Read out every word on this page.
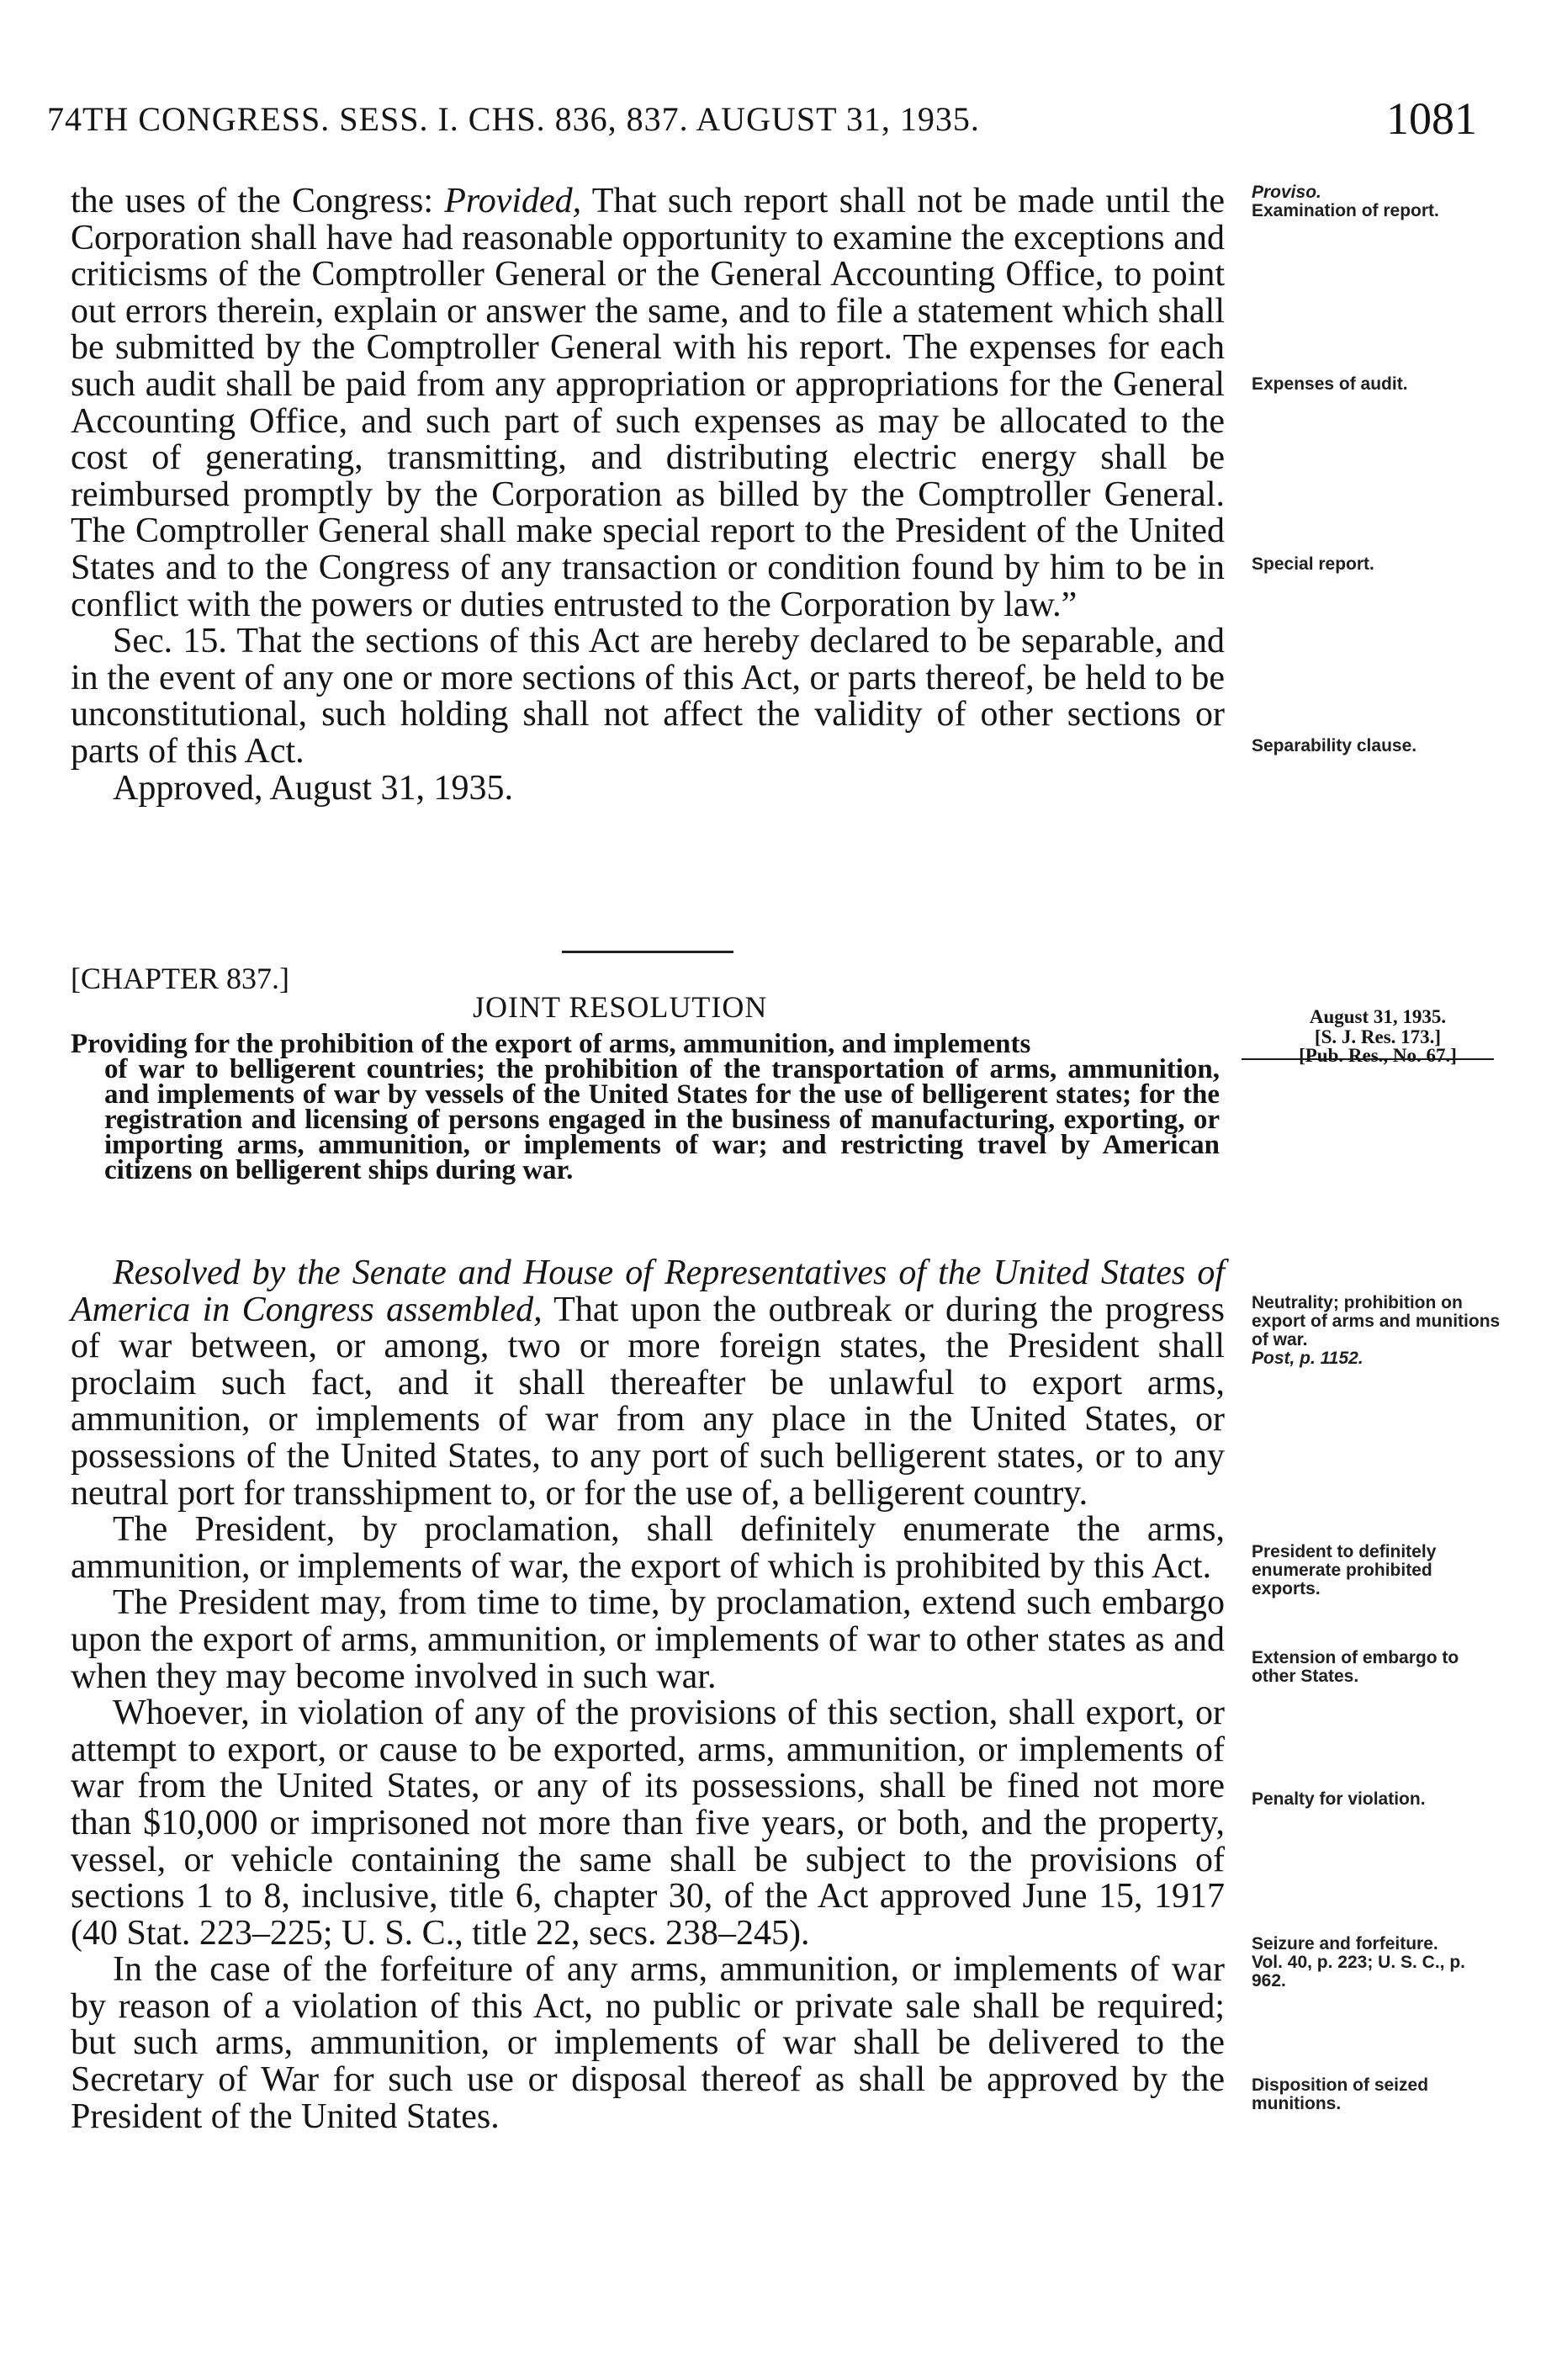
74TH CONGRESS. SESS. I. CHS. 836, 837. AUGUST 31, 1935.	1081

the uses of the Congress: Provided, That such report shall not be made until the Corporation shall have had reasonable opportunity to examine the exceptions and criticisms of the Comptroller General or the General Accounting Office, to point out errors therein, explain or answer the same, and to file a statement which shall be submitted by the Comptroller General with his report. The expenses for each such audit shall be paid from any appropriation or appropriations for the General Accounting Office, and such part of such expenses as may be allocated to the cost of generating, transmitting, and distributing electric energy shall be reimbursed promptly by the Corporation as billed by the Comptroller General. The Comptroller General shall make special report to the President of the United States and to the Congress of any transaction or condition found by him to be in conflict with the powers or duties entrusted to the Corporation by law.”

Sec. 15. That the sections of this Act are hereby declared to be separable, and in the event of any one or more sections of this Act, or parts thereof, be held to be unconstitutional, such holding shall not affect the validity of other sections or parts of this Act.

Approved, August 31, 1935.

Proviso.
Examination of report.
Expenses of audit.
Special report.
Separability clause.
[CHAPTER 837.]
JOINT RESOLUTION	August 31, 1935.
[S. J. Res. 173.]
[Pub. Res., No. 67.]
Providing for the prohibition of the export of arms, ammunition, and implements
of war to belligerent countries; the prohibition of the transportation of arms, ammunition, and implements of war by vessels of the United States for the use of belligerent states; for the registration and licensing of persons engaged in the business of manufacturing, exporting, or importing arms, ammunition, or implements of war; and restricting travel by American citizens on belligerent ships during war.

Resolved by the Senate and House of Representatives of the United States of America in Congress assembled, That upon the outbreak or during the progress of war between, or among, two or more foreign states, the President shall proclaim such fact, and it shall thereafter be unlawful to export arms, ammunition, or implements of war from any place in the United States, or possessions of the United States, to any port of such belligerent states, or to any neutral port for transshipment to, or for the use of, a belligerent country.

The President, by proclamation, shall definitely enumerate the arms, ammunition, or implements of war, the export of which is prohibited by this Act.

The President may, from time to time, by proclamation, extend such embargo upon the export of arms, ammunition, or implements of war to other states as and when they may become involved in such war.

Whoever, in violation of any of the provisions of this section, shall export, or attempt to export, or cause to be exported, arms, ammunition, or implements of war from the United States, or any of its possessions, shall be fined not more than $10,000 or imprisoned not more than five years, or both, and the property, vessel, or vehicle containing the same shall be subject to the provisions of sections 1 to 8, inclusive, title 6, chapter 30, of the Act approved June 15, 1917 (40 Stat. 223–225; U. S. C., title 22, secs. 238–245).

In the case of the forfeiture of any arms, ammunition, or implements of war by reason of a violation of this Act, no public or private sale shall be required; but such arms, ammunition, or implements of war shall be delivered to the Secretary of War for such use or disposal thereof as shall be approved by the President of the United States.

Neutrality; prohibition on export of arms and munitions of war.
Post, p. 1152.
President to definitely enumerate prohibited exports.
Extension of embargo to other States.
Penalty for violation.
Seizure and forfeiture.
Vol. 40, p. 223; U. S. C., p. 962.
Disposition of seized munitions.
